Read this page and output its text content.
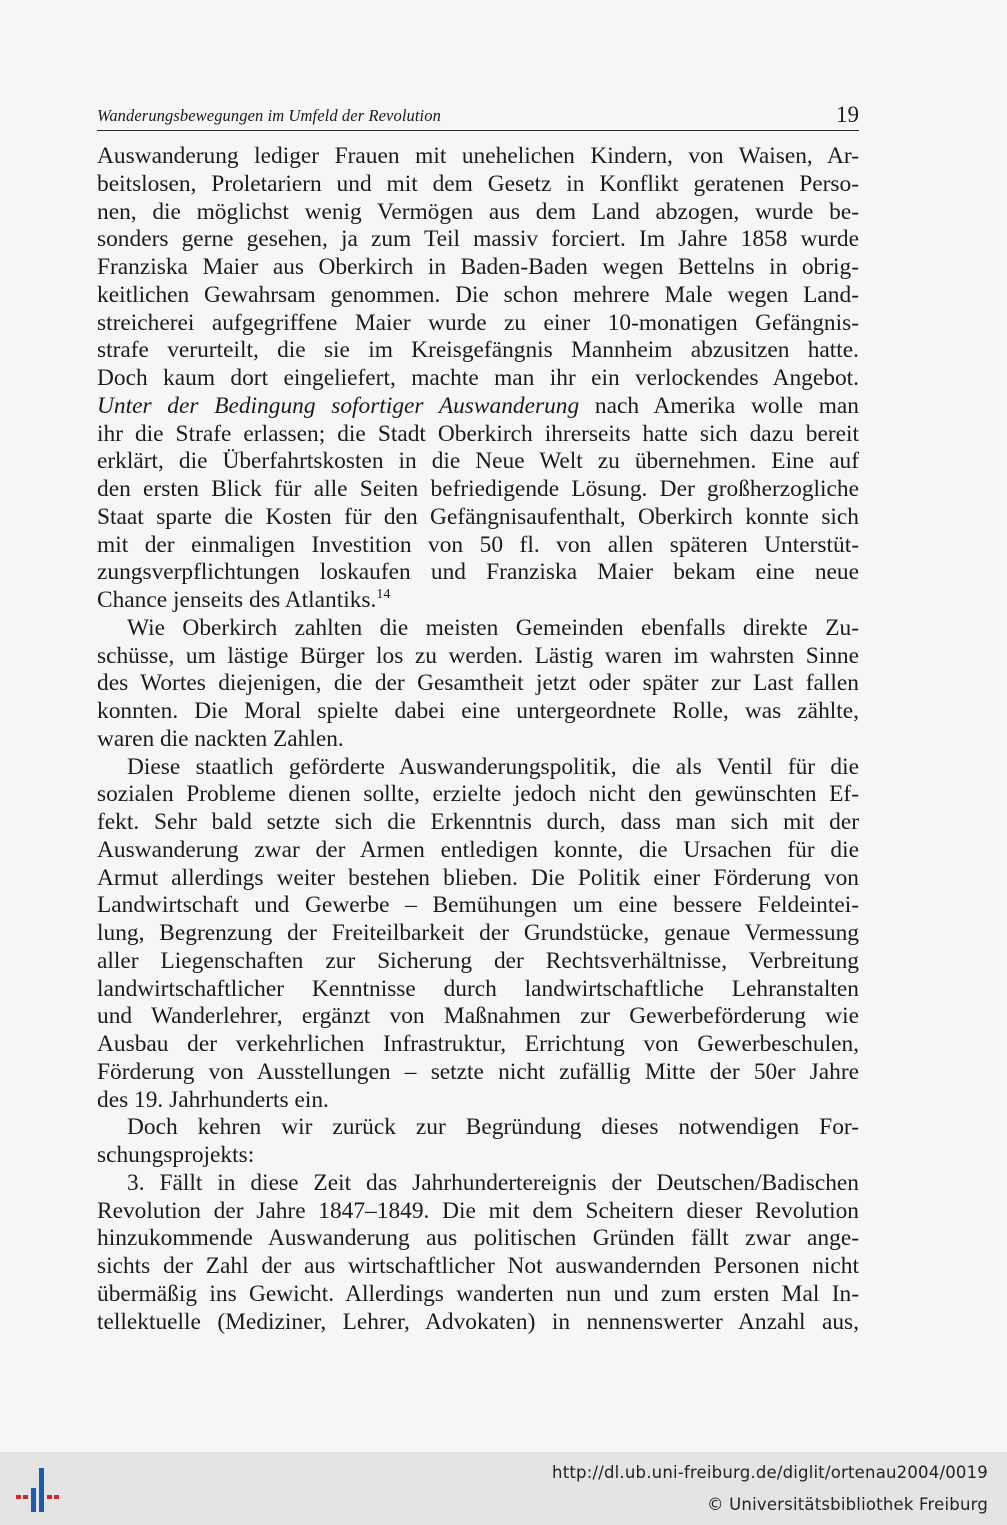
Wanderungsbewegungen im Umfeld der Revolution	19
Auswanderung lediger Frauen mit unehelichen Kindern, von Waisen, Ar-
beitslosen, Proletariern und mit dem Gesetz in Konflikt geratenen Perso-
nen, die möglichst wenig Vermögen aus dem Land abzogen, wurde be-
sonders gerne gesehen, ja zum Teil massiv forciert. Im Jahre 1858 wurde
Franziska Maier aus Oberkirch in Baden-Baden wegen Bettelns in obrig-
keitlichen Gewahrsam genommen. Die schon mehrere Male wegen Land-
streicherei aufgegriffene Maier wurde zu einer 10-monatigen Gefängnis-
strafe verurteilt, die sie im Kreisgefängnis Mannheim abzusitzen hatte.
Doch kaum dort eingeliefert, machte man ihr ein verlockendes Angebot.
Unter der Bedingung sofortiger Auswanderung nach Amerika wolle man
ihr die Strafe erlassen; die Stadt Oberkirch ihrerseits hatte sich dazu bereit
erklärt, die Überfahrtskosten in die Neue Welt zu übernehmen. Eine auf
den ersten Blick für alle Seiten befriedigende Lösung. Der großherzogliche
Staat sparte die Kosten für den Gefängnisaufenthalt, Oberkirch konnte sich
mit der einmaligen Investition von 50 fl. von allen späteren Unterstüt-
zungsverpflichtungen loskaufen und Franziska Maier bekam eine neue
Chance jenseits des Atlantiks.$^{14}$
Wie Oberkirch zahlten die meisten Gemeinden ebenfalls direkte Zu-
schüsse, um lästige Bürger los zu werden. Lästig waren im wahrsten Sinne
des Wortes diejenigen, die der Gesamtheit jetzt oder später zur Last fallen
konnten. Die Moral spielte dabei eine untergeordnete Rolle, was zählte,
waren die nackten Zahlen.
Diese staatlich geförderte Auswanderungspolitik, die als Ventil für die
sozialen Probleme dienen sollte, erzielte jedoch nicht den gewünschten Ef-
fekt. Sehr bald setzte sich die Erkenntnis durch, dass man sich mit der
Auswanderung zwar der Armen entledigen konnte, die Ursachen für die
Armut allerdings weiter bestehen blieben. Die Politik einer Förderung von
Landwirtschaft und Gewerbe – Bemühungen um eine bessere Feldeintei-
lung, Begrenzung der Freiteilbarkeit der Grundstücke, genaue Vermessung
aller Liegenschaften zur Sicherung der Rechtsverhältnisse, Verbreitung
landwirtschaftlicher Kenntnisse durch landwirtschaftliche Lehranstalten
und Wanderlehrer, ergänzt von Maßnahmen zur Gewerbeförderung wie
Ausbau der verkehrlichen Infrastruktur, Errichtung von Gewerbeschulen,
Förderung von Ausstellungen – setzte nicht zufällig Mitte der 50er Jahre
des 19. Jahrhunderts ein.
Doch kehren wir zurück zur Begründung dieses notwendigen For-
schungsprojekts:
3. Fällt in diese Zeit das Jahrhundertereignis der Deutschen/Badischen
Revolution der Jahre 1847–1849. Die mit dem Scheitern dieser Revolution
hinzukommende Auswanderung aus politischen Gründen fällt zwar ange-
sichts der Zahl der aus wirtschaftlicher Not auswandernden Personen nicht
übermäßig ins Gewicht. Allerdings wanderten nun und zum ersten Mal In-
tellektuelle (Mediziner, Lehrer, Advokaten) in nennenswerter Anzahl aus,
http://dl.ub.uni-freiburg.de/diglit/ortenau2004/0019
© Universitätsbibliothek Freiburg
